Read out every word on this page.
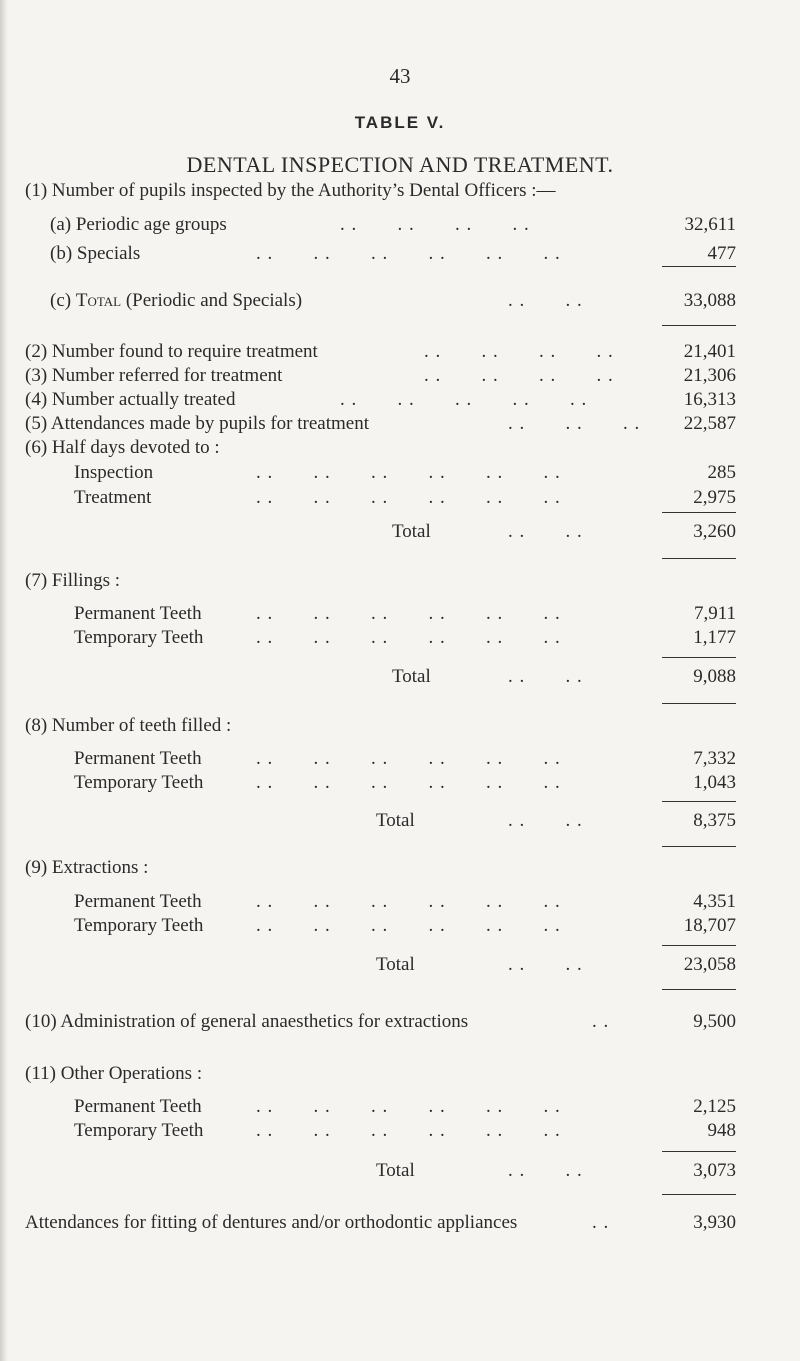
43
TABLE V.
DENTAL INSPECTION AND TREATMENT.
(1) Number of pupils inspected by the Authority’s Dental Officers :—
(a) Periodic age groups	. . . . . . . .	32,611
(b) Specials	. . . . . . . . . . . .	477
(c) Total (Periodic and Specials)	. . . .	33,088
(2) Number found to require treatment	. . . . . . . .	21,401
(3) Number referred for treatment	. . . . . . . .	21,306
(4) Number actually treated	. . . . . . . . . .	16,313
(5) Attendances made by pupils for treatment	. . . . . .	22,587
(6) Half days devoted to :
Inspection	. . . . . . . . . . . .	285
Treatment	. . . . . . . . . . . .	2,975
Total	. . . .	3,260
(7) Fillings :
Permanent Teeth	. . . . . . . . . . . .	7,911
Temporary Teeth	. . . . . . . . . . . .	1,177
Total	. . . .	9,088
(8) Number of teeth filled :
Permanent Teeth	. . . . . . . . . . . .	7,332
Temporary Teeth	. . . . . . . . . . . .	1,043
Total	. . . .	8,375
(9) Extractions :
Permanent Teeth	. . . . . . . . . . . .	4,351
Temporary Teeth	. . . . . . . . . . . .	18,707
Total	. . . .	23,058
(10) Administration of general anaesthetics for extractions	. .	9,500
(11) Other Operations :
Permanent Teeth	. . . . . . . . . . . .	2,125
Temporary Teeth	. . . . . . . . . . . .	948
Total	. . . .	3,073
Attendances for fitting of dentures and/or orthodontic appliances	. .	3,930
